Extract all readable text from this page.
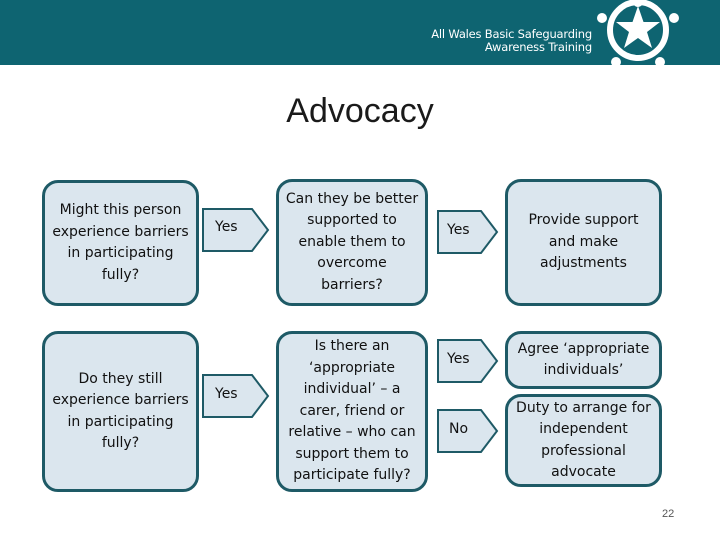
All Wales Basic Safeguarding
Awareness Training
Advocacy
Might this person experience barriers in participating fully?
Yes
Can they be better supported to enable them to overcome barriers?
Yes
Provide support and make adjustments
Do they still experience barriers in participating fully?
Yes
Is there an ‘appropriate individual’ – a carer, friend or relative – who can support them to participate fully?
Yes
No
Agree ‘appropriate individuals’
Duty to arrange for independent professional advocate
22
